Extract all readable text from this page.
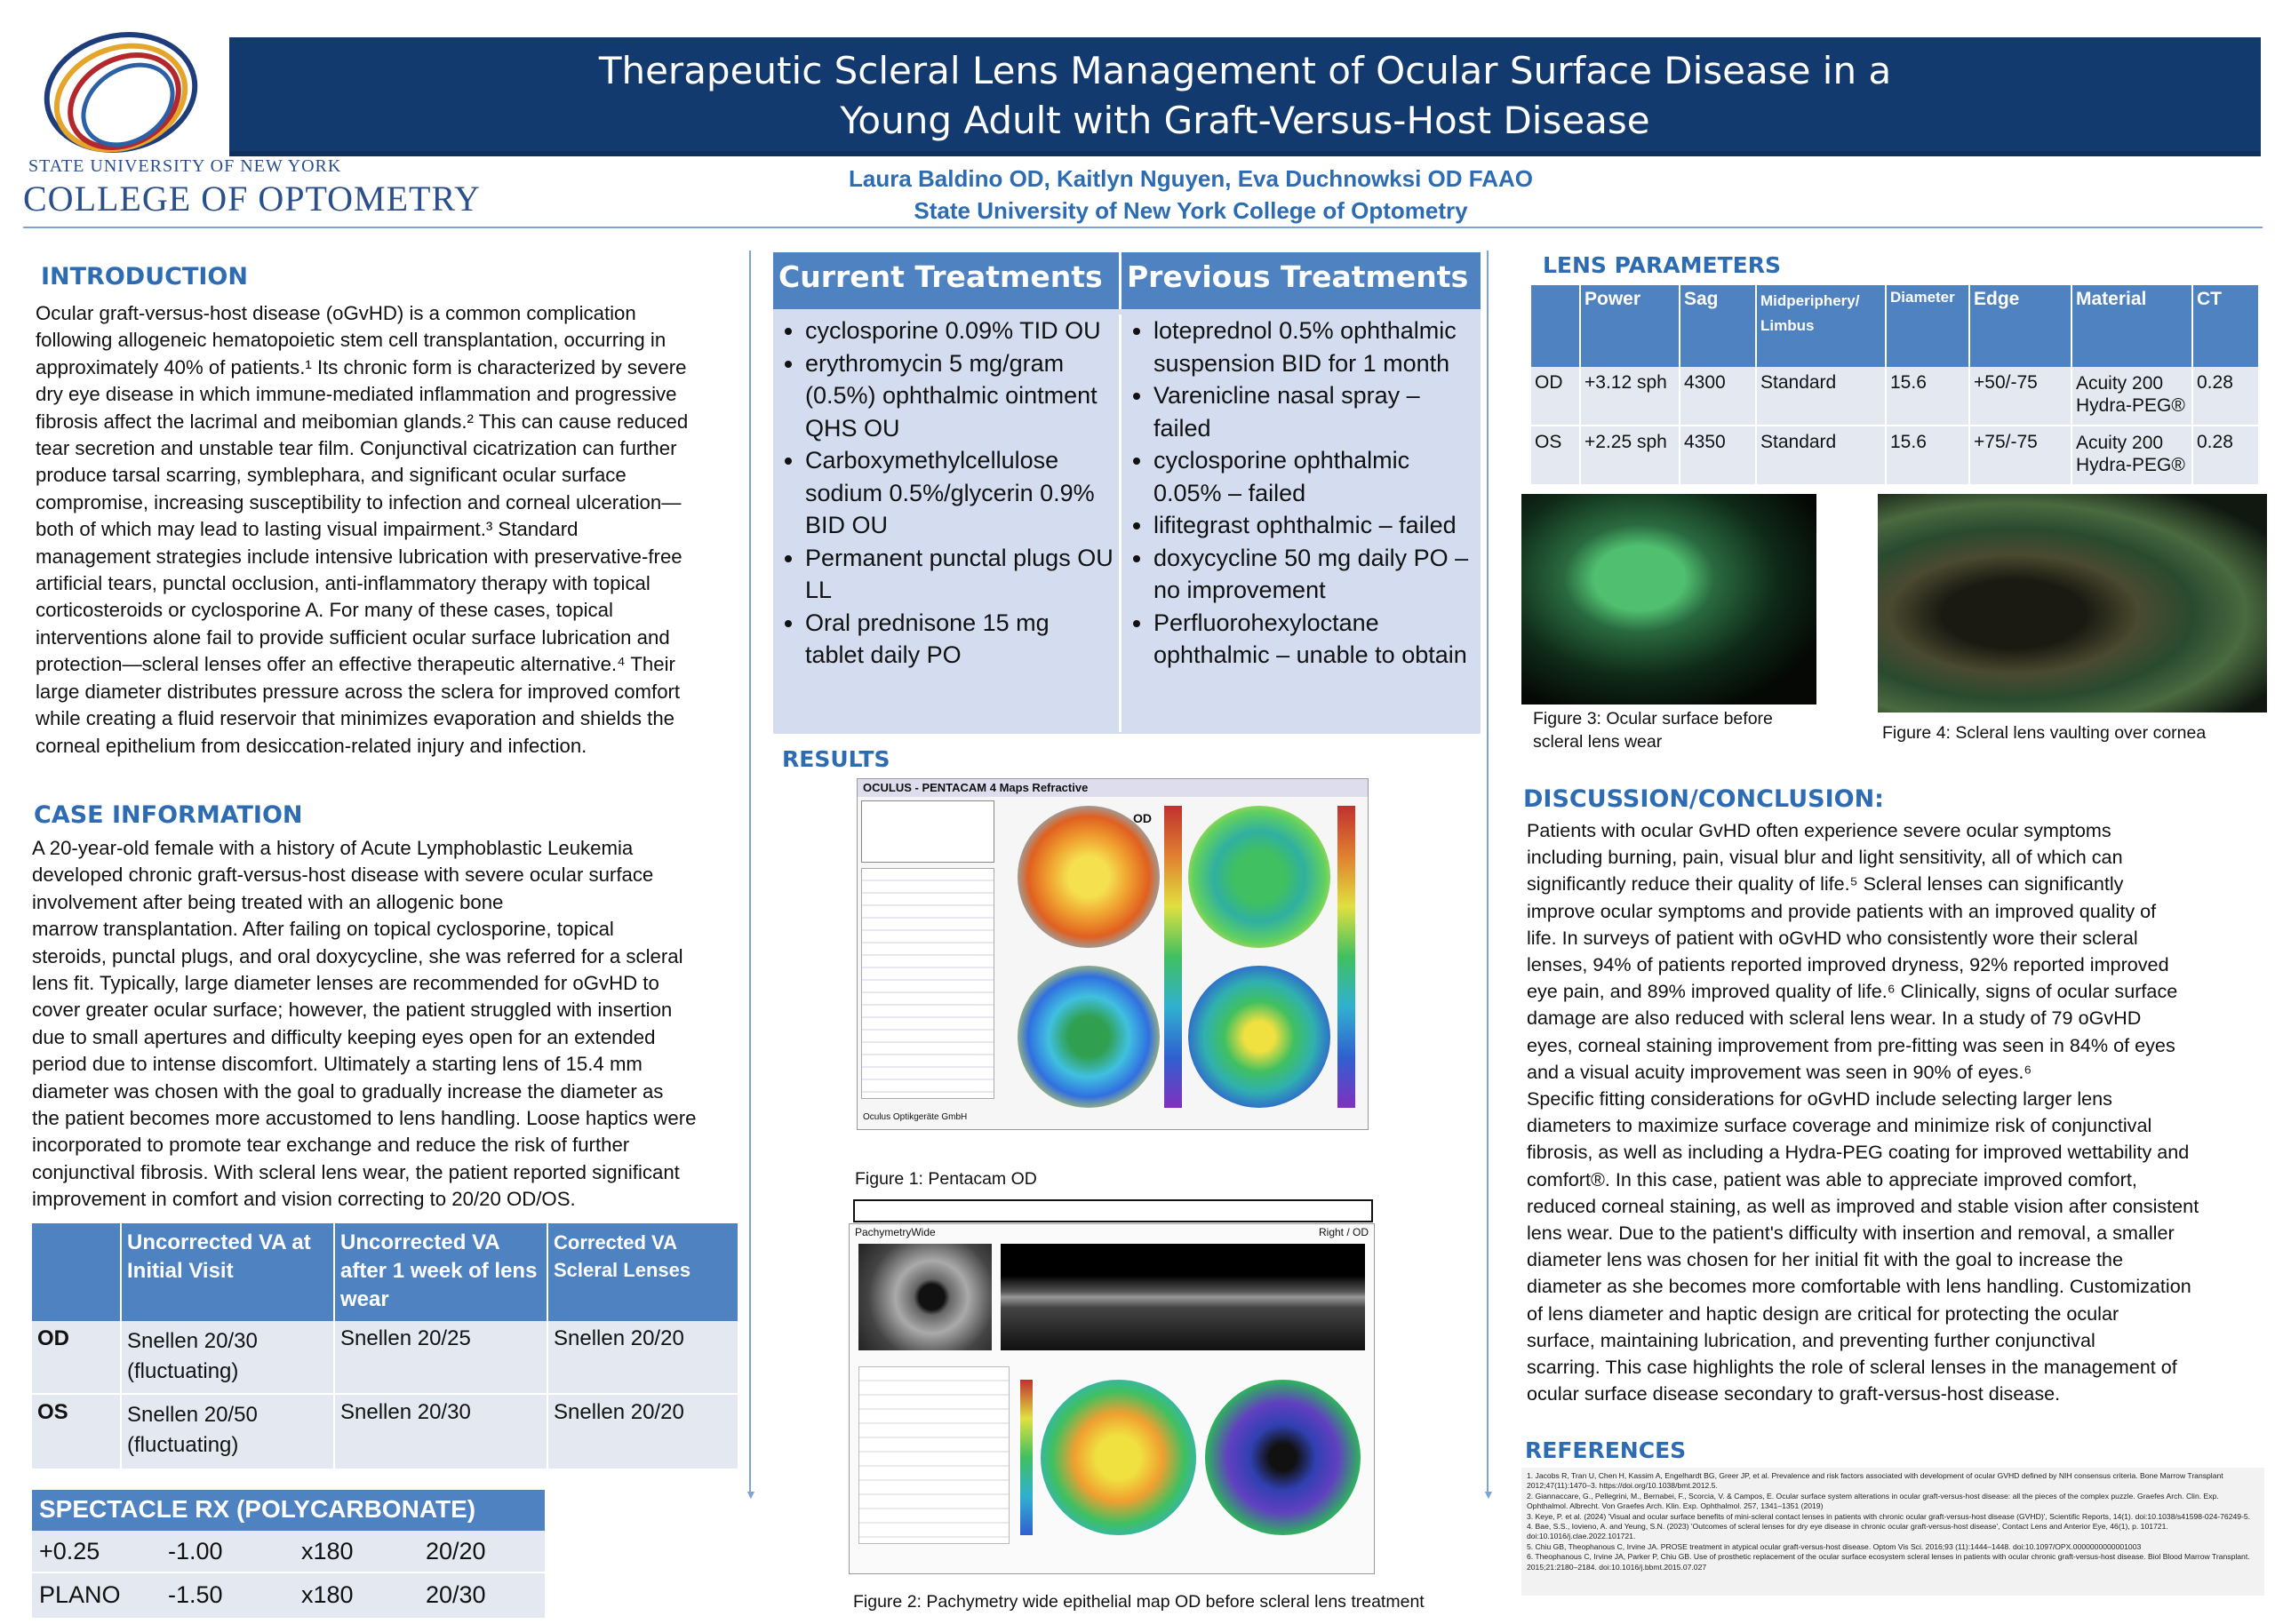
Therapeutic Scleral Lens Management of Ocular Surface Disease in a
Young Adult with Graft-Versus-Host Disease
STATE UNIVERSITY OF NEW YORK
COLLEGE OF OPTOMETRY	Laura Baldino OD, Kaitlyn Nguyen, Eva Duchnowksi OD FAAO
State University of New York College of Optometry
▼	▼
INTRODUCTION
Ocular graft-versus-host disease (oGvHD) is a common complication
following allogeneic hematopoietic stem cell transplantation, occurring in
approximately 40% of patients.¹ Its chronic form is characterized by severe
dry eye disease in which immune-mediated inflammation and progressive
fibrosis affect the lacrimal and meibomian glands.² This can cause reduced
tear secretion and unstable tear film. Conjunctival cicatrization can further
produce tarsal scarring, symblephara, and significant ocular surface
compromise, increasing susceptibility to infection and corneal ulceration—
both of which may lead to lasting visual impairment.³ Standard
management strategies include intensive lubrication with preservative-free
artificial tears, punctal occlusion, anti-inflammatory therapy with topical
corticosteroids or cyclosporine A. For many of these cases, topical
interventions alone fail to provide sufficient ocular surface lubrication and
protection—scleral lenses offer an effective therapeutic alternative.⁴ Their
large diameter distributes pressure across the sclera for improved comfort
while creating a fluid reservoir that minimizes evaporation and shields the
corneal epithelium from desiccation-related injury and infection.
CASE INFORMATION
A 20-year-old female with a history of Acute Lymphoblastic Leukemia
developed chronic graft-versus-host disease with severe ocular surface
involvement after being treated with an allogenic bone
marrow transplantation. After failing on topical cyclosporine, topical
steroids, punctal plugs, and oral doxycycline, she was referred for a scleral
lens fit. Typically, large diameter lenses are recommended for oGvHD to
cover greater ocular surface; however, the patient struggled with insertion
due to small apertures and difficulty keeping eyes open for an extended
period due to intense discomfort. Ultimately a starting lens of 15.4 mm
diameter was chosen with the goal to gradually increase the diameter as
the patient becomes more accustomed to lens handling. Loose haptics were
incorporated to promote tear exchange and reduce the risk of further
conjunctival fibrosis. With scleral lens wear, the patient reported significant
improvement in comfort and vision correcting to 20/20 OD/OS.
	Uncorrected VA at Initial Visit	Uncorrected VA after 1 week of lens wear	Corrected VA Scleral Lenses
OD	Snellen 20/30 (fluctuating)	Snellen 20/25	Snellen 20/20
OS	Snellen 20/50 (fluctuating)	Snellen 20/30	Snellen 20/20
SPECTACLE RX (POLYCARBONATE)
+0.25	-1.00	x180	20/20
PLANO	-1.50	x180	20/30
Current Treatments Previous Treatments
• cyclosporine 0.09% TID OU
• erythromycin 5 mg/gram (0.5%) ophthalmic ointment QHS OU
• Carboxymethylcellulose sodium 0.5%/glycerin 0.9% BID OU
• Permanent punctal plugs OU LL
• Oral prednisone 15 mg tablet daily PO
• loteprednol 0.5% ophthalmic suspension BID for 1 month
• Varenicline nasal spray – failed
• cyclosporine ophthalmic 0.05% – failed
• lifitegrast ophthalmic – failed
• doxycycline 50 mg daily PO – no improvement
• Perfluorohexyloctane ophthalmic – unable to obtain
RESULTS
OCULUS - PENTACAM 4 Maps Refractive
OD
Oculus Optikgeräte GmbH
Figure 1: Pentacam OD
PachymetryWide	Right / OD
Figure 2: Pachymetry wide epithelial map OD before scleral lens treatment
LENS PARAMETERS
	Power	Sag	Midperiphery/ Limbus	Diameter	Edge	Material	CT
OD	+3.12 sph	4300	Standard	15.6	+50/-75	Acuity 200 Hydra-PEG®	0.28
OS	+2.25 sph	4350	Standard	15.6	+75/-75	Acuity 200 Hydra-PEG®	0.28
Figure 3: Ocular surface before scleral lens wear	Figure 4: Scleral lens vaulting over cornea
DISCUSSION/CONCLUSION:
Patients with ocular GvHD often experience severe ocular symptoms
including burning, pain, visual blur and light sensitivity, all of which can
significantly reduce their quality of life.⁵ Scleral lenses can significantly
improve ocular symptoms and provide patients with an improved quality of
life. In surveys of patient with oGvHD who consistently wore their scleral
lenses, 94% of patients reported improved dryness, 92% reported improved
eye pain, and 89% improved quality of life.⁶ Clinically, signs of ocular surface
damage are also reduced with scleral lens wear. In a study of 79 oGvHD
eyes, corneal staining improvement from pre-fitting was seen in 84% of eyes
and a visual acuity improvement was seen in 90% of eyes.⁶
Specific fitting considerations for oGvHD include selecting larger lens
diameters to maximize surface coverage and minimize risk of conjunctival
fibrosis, as well as including a Hydra-PEG coating for improved wettability and
comfort®. In this case, patient was able to appreciate improved comfort,
reduced corneal staining, as well as improved and stable vision after consistent
lens wear. Due to the patient's difficulty with insertion and removal, a smaller
diameter lens was chosen for her initial fit with the goal to increase the
diameter as she becomes more comfortable with lens handling. Customization
of lens diameter and haptic design are critical for protecting the ocular
surface, maintaining lubrication, and preventing further conjunctival
scarring. This case highlights the role of scleral lenses in the management of
ocular surface disease secondary to graft-versus-host disease.
REFERENCES
1. Jacobs R, Tran U, Chen H, Kassim A, Engelhardt BG, Greer JP, et al. Prevalence and risk factors associated with development of ocular GVHD defined by NIH consensus criteria. Bone Marrow Transplant 2012;47(11):1470–3. https://doi.org/10.1038/bmt.2012.5.
2. Giannaccare, G., Pellegrini, M., Bernabei, F., Scorcia, V. & Campos, E. Ocular surface system alterations in ocular graft-versus-host disease: all the pieces of the complex puzzle. Graefes Arch. Clin. Exp. Ophthalmol. Albrecht. Von Graefes Arch. Klin. Exp. Ophthalmol. 257, 1341–1351 (2019)
3. Keye, P. et al. (2024) 'Visual and ocular surface benefits of mini-scleral contact lenses in patients with chronic ocular graft-versus-host disease (GVHD)', Scientific Reports, 14(1). doi:10.1038/s41598-024-76249-5.
4. Bae, S.S., Iovieno, A. and Yeung, S.N. (2023) 'Outcomes of scleral lenses for dry eye disease in chronic ocular graft-versus-host disease', Contact Lens and Anterior Eye, 46(1), p. 101721. doi:10.1016/j.clae.2022.101721.
5. Chiu GB, Theophanous C, Irvine JA. PROSE treatment in atypical ocular graft-versus-host disease. Optom Vis Sci. 2016;93 (11):1444–1448. doi:10.1097/OPX.0000000000001003
6. Theophanous C, Irvine JA, Parker P, Chiu GB. Use of prosthetic replacement of the ocular surface ecosystem scleral lenses in patients with ocular chronic graft-versus-host disease. Biol Blood Marrow Transplant. 2015;21:2180–2184. doi:10.1016/j.bbmt.2015.07.027
